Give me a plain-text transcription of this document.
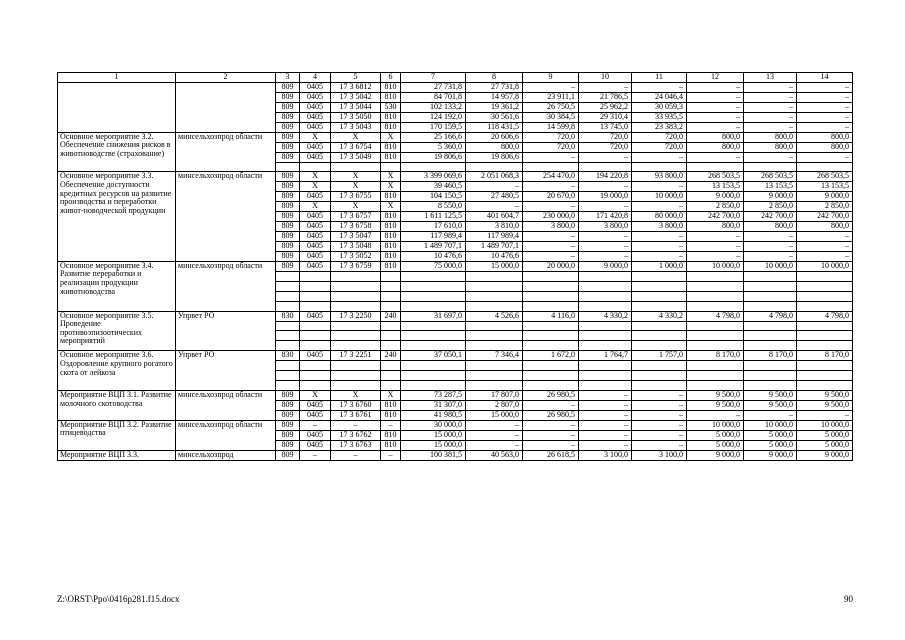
1	2	3	4	5	6	7	8	9	10	11	12	13	14
		809	0405	17 3 6812	810	27 731,8	27 731,8	–	–	–	–	–	–
		809	0405	17 3 5042	810	84 701,8	14 957,8	23 911,1	21 786,5	24 046,4	–	–	–
		809	0405	17 3 5044	530	102 133,2	19 361,2	26 750,5	25 962,2	30 059,3	–	–	–
		809	0405	17 3 5050	810	124 192,0	30 561,6	30 384,5	29 310,4	33 935,5	–	–	–
		809	0405	17 3 5043	810	170 159,5	118 431,5	14 599,8	13 745,0	23 383,2	–	–	–
Основное мероприятие 3.2. Обеспечение снижения рисков в животноводстве (страхование)	минсельхозпрод области	809	Х	Х	Х	25 166,6	20 606,6	720,0	720,0	720,0	800,0	800,0	800,0
		809	0405	17 3 6754	810	5 360,0	800,0	720,0	720,0	720,0	800,0	800,0	800,0
		809	0405	17 3 5049	810	19 806,6	19 806,6	–	–	–	–	–	–

Основное мероприятие 3.3. Обеспечение доступности кредитных ресурсов на развитие производства и переработки живот-новодческой продукции	минсельхозпрод области	809	Х	Х	Х	3 399 069,6	2 051 068,3	254 470,0	194 220,8	93 800,0	268 503,5	268 503,5	268 503,5
		809	Х	Х	Х	39 460,5	–	–	–	–	13 153,5	13 153,5	13 153,5
		809	0405	17 3 6755	810	104 150,5	27 480,5	20 670,0	19 000,0	10 000,0	9 000,0	9 000,0	9 000,0
		809	Х	Х	Х	8 550,0	–	–	–	–	2 850,0	2 850,0	2 850,0
		809	0405	17 3 6757	810	1 611 125,5	401 604,7	230 000,0	171 420,8	80 000,0	242 700,0	242 700,0	242 700,0
		809	0405	17 3 6758	810	17 610,0	3 810,0	3 800,0	3 800,0	3 800,0	800,0	800,0	800,0
		809	0405	17 3 5047	810	117 989,4	117 989,4	–	–	–	–	–	–
		809	0405	17 3 5048	810	1 489 707,1	1 489 707,1	–	–	–	–	–	–
		809	0405	17 3 5052	810	10 476,6	10 476,6	–	–	–	–	–	–
Основное мероприятие 3.4. Развитие переработки и реализации продукции животноводства	минсельхозпрод области	809	0405	17 3 6759	810	75 000,0	15 000,0	20 000,0	9 000,0	1 000,0	10 000,0	10 000,0	10 000,0

Основное мероприятие 3.5. Проведение противоэпизоотических мероприятий	Упрвет РО	830	0405	17 3 2250	240	31 697,0	4 526,6	4 116,0	4 330,2	4 330,2	4 798,0	4 798,0	4 798,0

Основное мероприятие 3.6. Оздоровление крупного рогатого скота от лейкоза	Упрвет РО	830	0405	17 3 2251	240	37 050,1	7 346,4	1 672,0	1 764,7	1 757,0	8 170,0	8 170,0	8 170,0

Мероприятие ВЦП 3.1. Развитие молочного скотоводства	минсельхозпрод области	809	Х	Х	Х	73 287,5	17 807,0	26 980,5	–	–	9 500,0	9 500,0	9 500,0
		809	0405	17 3 6760	810	31 307,0	2 807,0	–	–	–	9 500,0	9 500,0	9 500,0
		809	0405	17 3 6761	810	41 980,5	15 000,0	26 980,5	–	–	–	–	–
Мероприятие ВЦП 3.2. Развитие птицеводства	минсельхозпрод области	809	–	–	–	30 000,0	–	–	–	–	10 000,0	10 000,0	10 000,0
		809	0405	17 3 6762	810	15 000,0	–	–	–	–	5 000,0	5 000,0	5 000,0
		809	0405	17 3 6763	810	15 000,0	–	–	–	–	5 000,0	5 000,0	5 000,0
Мероприятие ВЦП 3.3.	минсельхозпрод	809	–	–	–	100 381,5	40 563,0	26 618,5	3 100,0	3 100,0	9 000,0	9 000,0	9 000,0
Z:\ORST\Ppo\0416p281.f15.docx	90
